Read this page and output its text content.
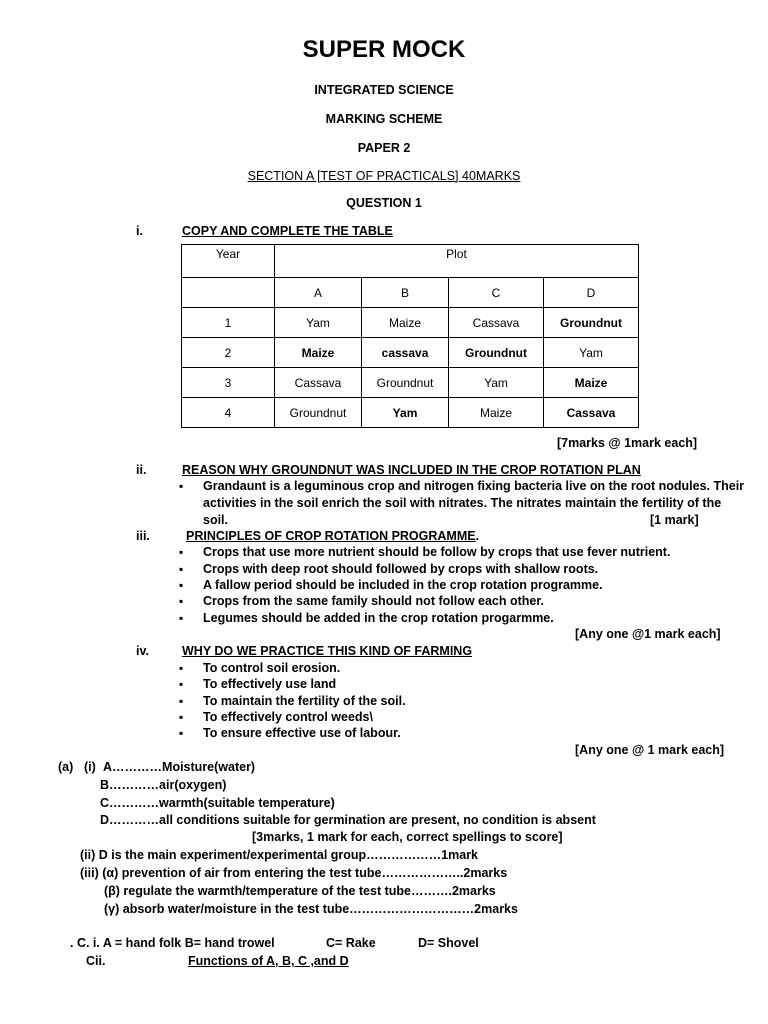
SUPER MOCK
INTEGRATED SCIENCE
MARKING SCHEME
PAPER 2
SECTION A [TEST OF PRACTICALS] 40MARKS
QUESTION 1
i.	COPY AND COMPLETE THE TABLE
Year	Plot			
	A	B	C	D
1	Yam	Maize	Cassava	Groundnut
2	Maize	cassava	Groundnut	Yam
3	Cassava	Groundnut	Yam	Maize
4	Groundnut	Yam	Maize	Cassava
[7marks @ 1mark each]
ii.	REASON WHY GROUNDNUT WAS INCLUDED IN THE CROP ROTATION PLAN
▪ Grandaunt is a leguminous crop and nitrogen fixing bacteria live on the root nodules. Their
activities in the soil enrich the soil with nitrates. The nitrates maintain the fertility of the
soil.	[1 mark]
iii.	PRINCIPLES OF CROP ROTATION PROGRAMME.
▪ Crops that use more nutrient should be follow by crops that use fever nutrient.
▪ Crops with deep root should followed by crops with shallow roots.
▪ A fallow period should be included in the crop rotation programme.
▪ Crops from the same family should not follow each other.
▪ Legumes should be added in the crop rotation progarmme.
[Any one @1 mark each]
iv.	WHY DO WE PRACTICE THIS KIND OF FARMING
▪ To control soil erosion.
▪ To effectively use land
▪ To maintain the fertility of the soil.
▪ To effectively control weeds\
▪ To ensure effective use of labour.
[Any one @ 1 mark each]
(a) (i) A…………Moisture(water)
B…………air(oxygen)
C…………warmth(suitable temperature)
D…………all conditions suitable for germination are present, no condition is absent
[3marks, 1 mark for each, correct spellings to score]
(ii) D is the main experiment/experimental group………………1mark
(iii) (α) prevention of air from entering the test tube………………..2marks
(β) regulate the warmth/temperature of the test tube……….2marks
(γ) absorb water/moisture in the test tube…………………………2marks
. C. i. A = hand folk B= hand trowel	C= Rake	D= Shovel
Cii.	Functions of A, B, C ,and D
